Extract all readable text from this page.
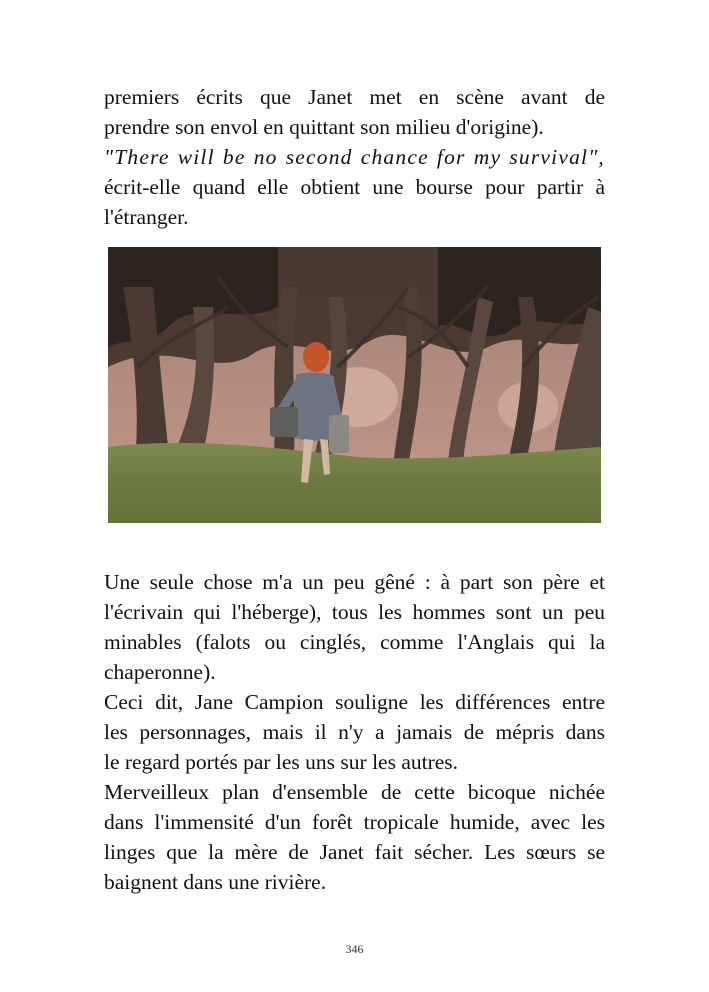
premiers écrits que Janet met en scène avant de
prendre son envol en quittant son milieu d'origine).

"There will be no second chance for my survival",
écrit-elle quand elle obtient une bourse pour partir à
l'étranger.

Une seule chose m'a un peu gêné : à part son père et
l'écrivain qui l'héberge), tous les hommes sont un peu
minables (falots ou cinglés, comme l'Anglais qui la
chaperonne).

Ceci dit, Jane Campion souligne les différences entre
les personnages, mais il n'y a jamais de mépris dans
le regard portés par les uns sur les autres.

Merveilleux plan d'ensemble de cette bicoque nichée
dans l'immensité d'un forêt tropicale humide, avec les
linges que la mère de Janet fait sécher. Les sœurs se
baignent dans une rivière.

346
